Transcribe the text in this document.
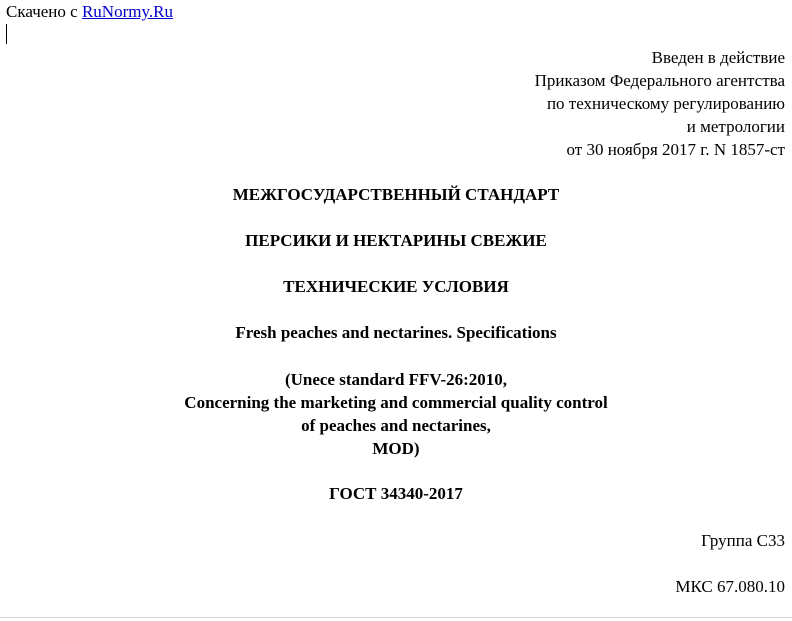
Скачено с RuNormy.Ru
Введен в действие
Приказом Федерального агентства
по техническому регулированию
и метрологии
от 30 ноября 2017 г. N 1857-ст
МЕЖГОСУДАРСТВЕННЫЙ СТАНДАРТ
ПЕРСИКИ И НЕКТАРИНЫ СВЕЖИЕ
ТЕХНИЧЕСКИЕ УСЛОВИЯ
Fresh peaches and nectarines. Specifications
(Unece standard FFV-26:2010,
Concerning the marketing and commercial quality control
of peaches and nectarines,
MOD)
ГОСТ 34340-2017
Группа С33
МКС 67.080.10
